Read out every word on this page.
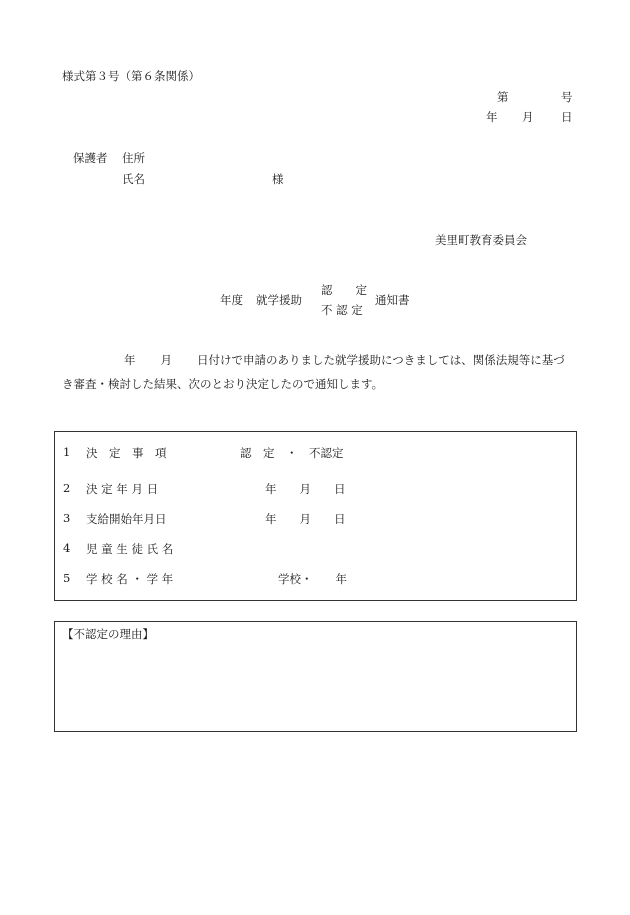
様式第３号（第６条関係）
第	号
年 月 日
保護者 住所
氏名	様
美里町教育委員会
年度 就学援助
認　　定
不 認 定
通知書
年 月 日付けで申請のありました就学援助につきましては、関係法規等に基づき審査・検討した結果、次のとおり決定したので通知します。
1 決　定　事　項	認　定　・　不認定
2 決 定 年 月 日	年　　月　　日
3 支給開始年月日	年　　月　　日
4 児 童 生 徒 氏 名
5 学 校 名 ・ 学 年	学校・　　年
【不認定の理由】
